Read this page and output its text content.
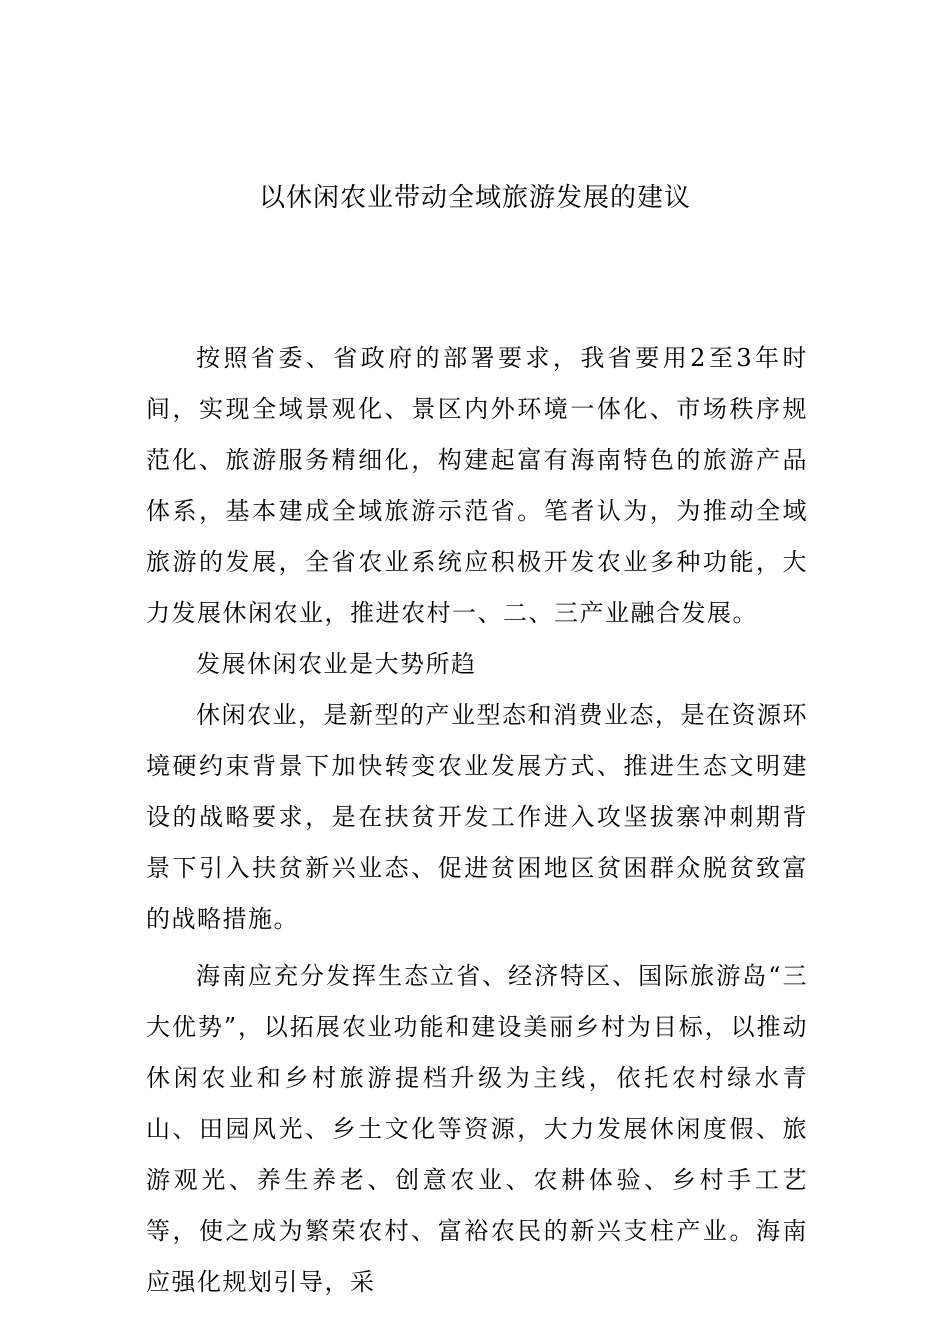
以休闲农业带动全域旅游发展的建议

按照省委、省政府的部署要求，我省要用2至3年时间，实现全域景观化、景区内外环境一体化、市场秩序规范化、旅游服务精细化，构建起富有海南特色的旅游产品体系，基本建成全域旅游示范省。笔者认为，为推动全域旅游的发展，全省农业系统应积极开发农业多种功能，大力发展休闲农业，推进农村一、二、三产业融合发展。

发展休闲农业是大势所趋

休闲农业，是新型的产业型态和消费业态，是在资源环境硬约束背景下加快转变农业发展方式、推进生态文明建设的战略要求，是在扶贫开发工作进入攻坚拔寨冲刺期背景下引入扶贫新兴业态、促进贫困地区贫困群众脱贫致富的战略措施。

海南应充分发挥生态立省、经济特区、国际旅游岛“三大优势”，以拓展农业功能和建设美丽乡村为目标，以推动休闲农业和乡村旅游提档升级为主线，依托农村绿水青山、田园风光、乡土文化等资源，大力发展休闲度假、旅游观光、养生养老、创意农业、农耕体验、乡村手工艺等，使之成为繁荣农村、富裕农民的新兴支柱产业。海南应强化规划引导，采
